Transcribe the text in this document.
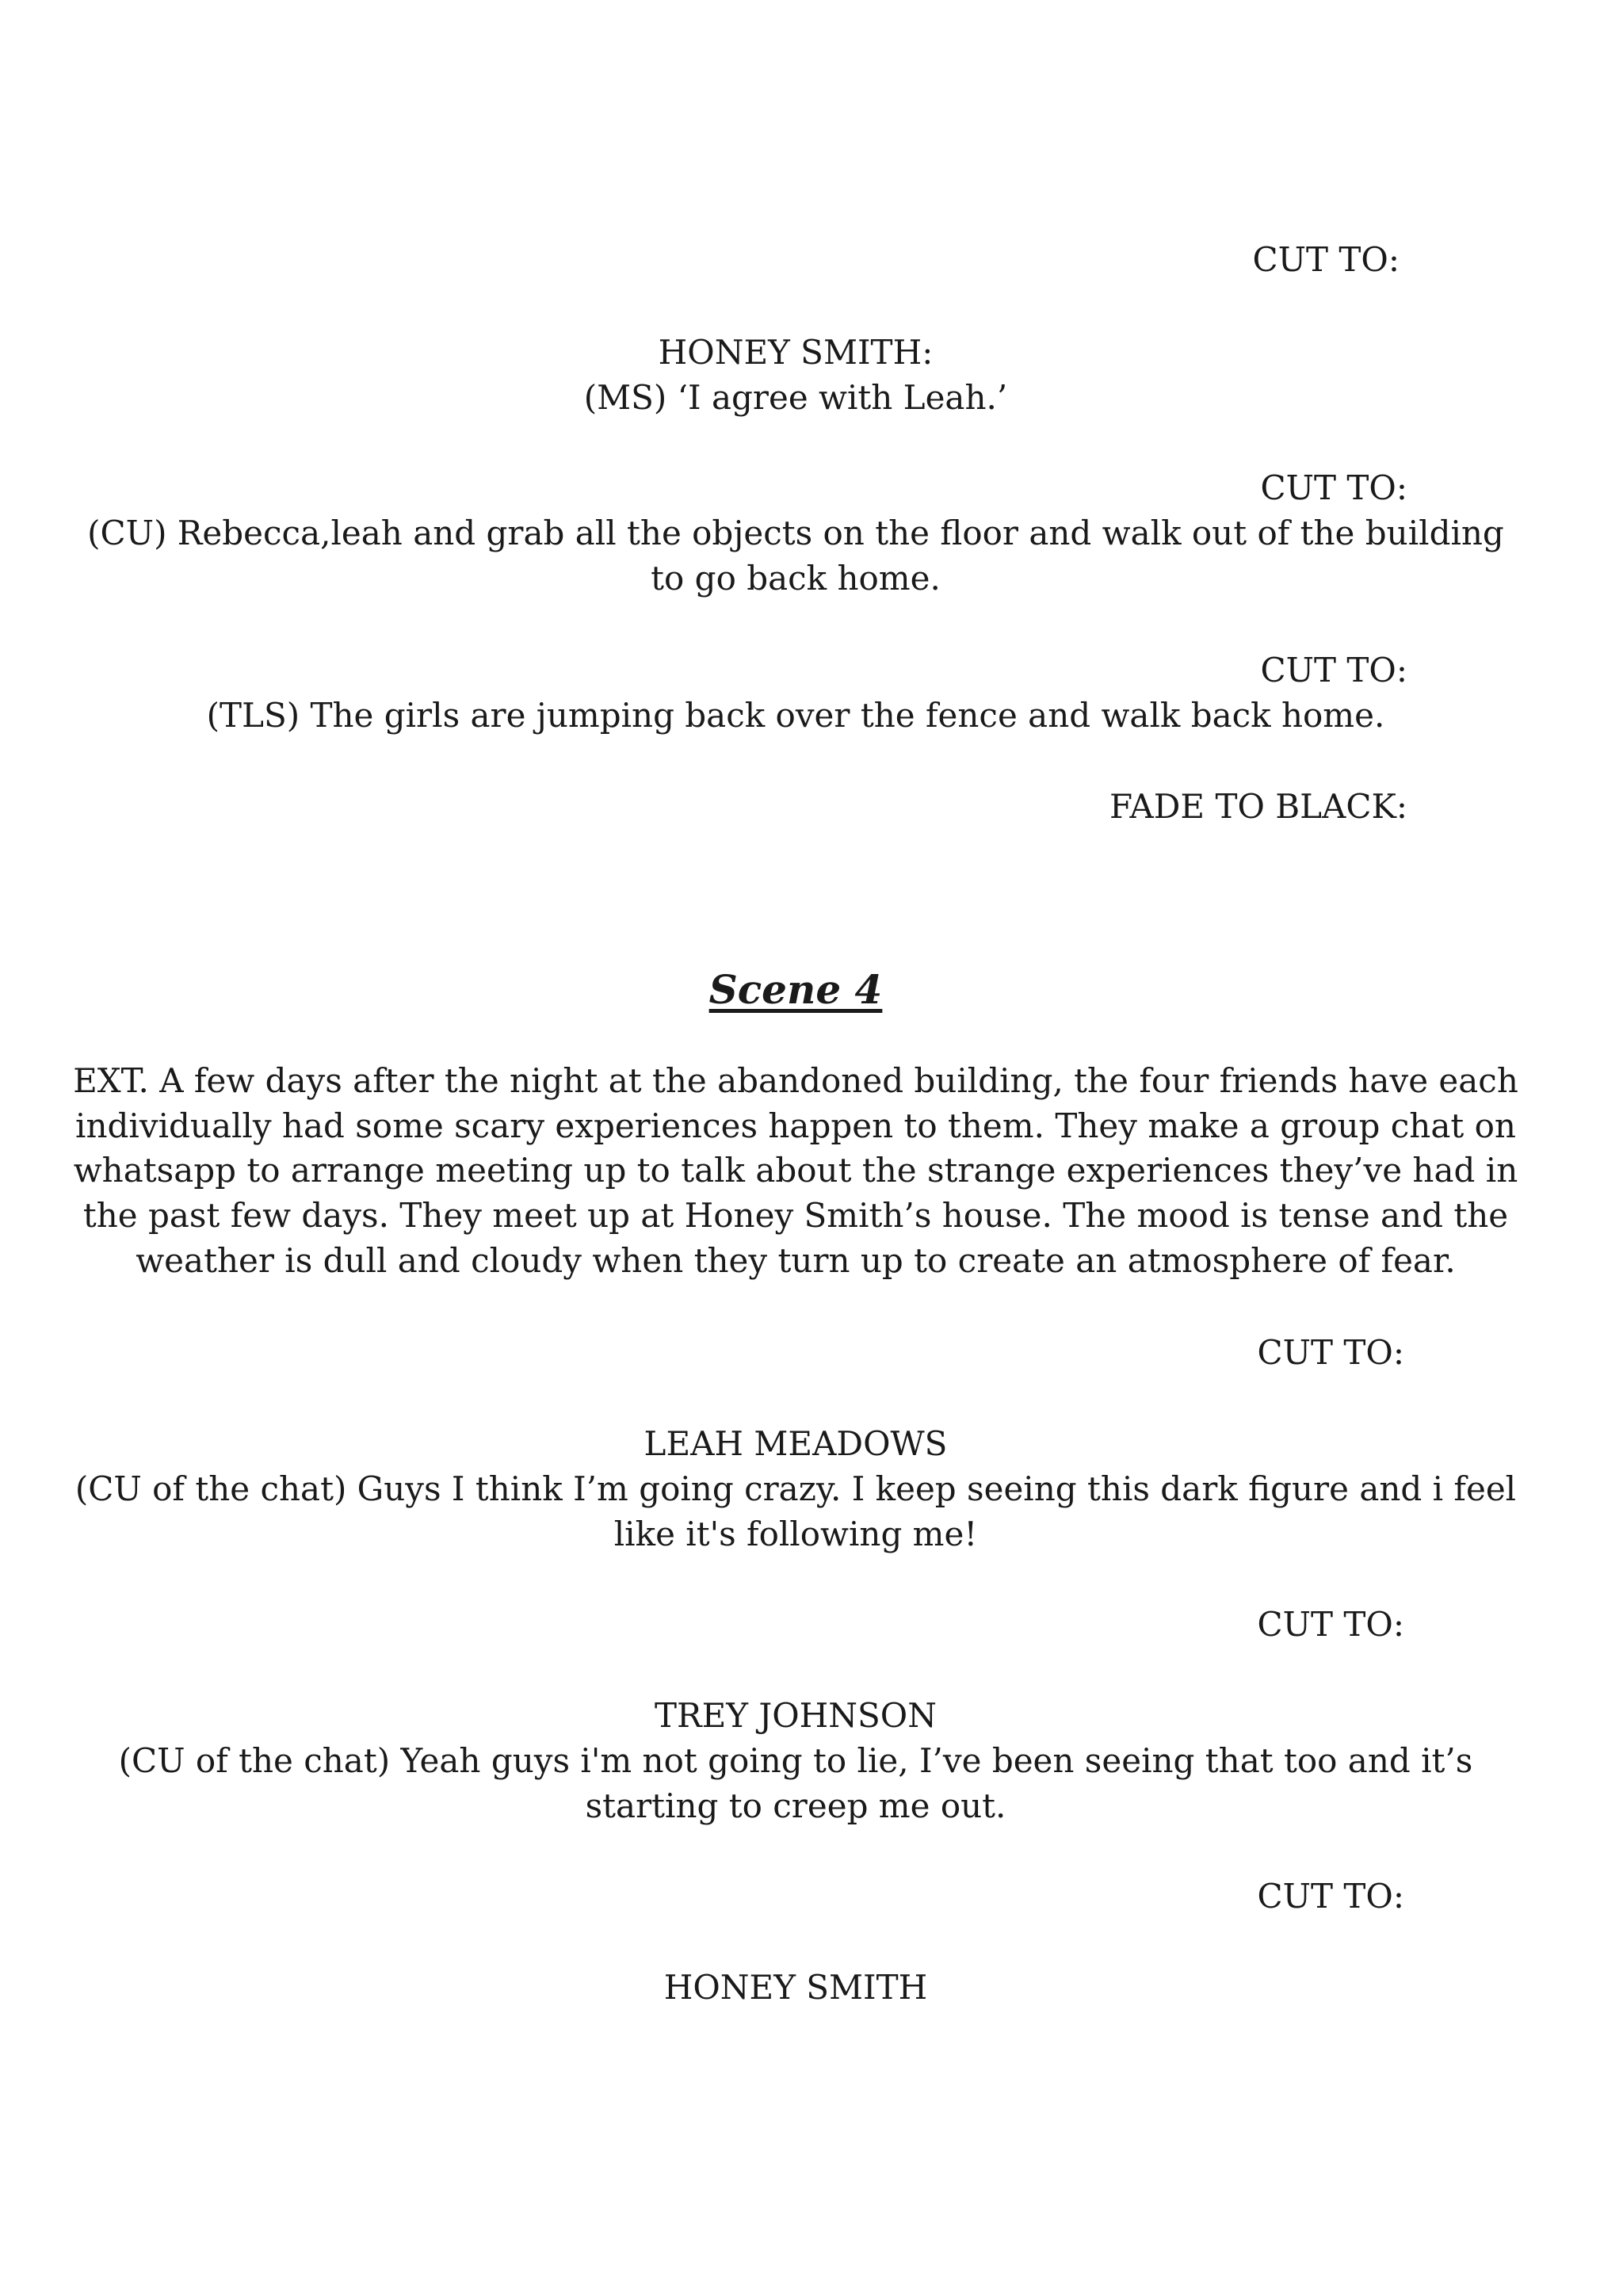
CUT TO:

HONEY SMITH:

(MS) ‘I agree with Leah.’

CUT TO:

(CU) Rebecca,leah and grab all the objects on the floor and walk out of the building

to go back home.

CUT TO:

(TLS) The girls are jumping back over the fence and walk back home.

FADE TO BLACK:

Scene 4

EXT. A few days after the night at the abandoned building, the four friends have each

individually had some scary experiences happen to them. They make a group chat on

whatsapp to arrange meeting up to talk about the strange experiences they’ve had in

the past few days. They meet up at Honey Smith’s house. The mood is tense and the

weather is dull and cloudy when they turn up to create an atmosphere of fear.

CUT TO:

LEAH MEADOWS

(CU of the chat) Guys I think I’m going crazy. I keep seeing this dark figure and i feel

like it's following me!

CUT TO:

TREY JOHNSON

(CU of the chat) Yeah guys i'm not going to lie, I’ve been seeing that too and it’s

starting to creep me out.

CUT TO:

HONEY SMITH
